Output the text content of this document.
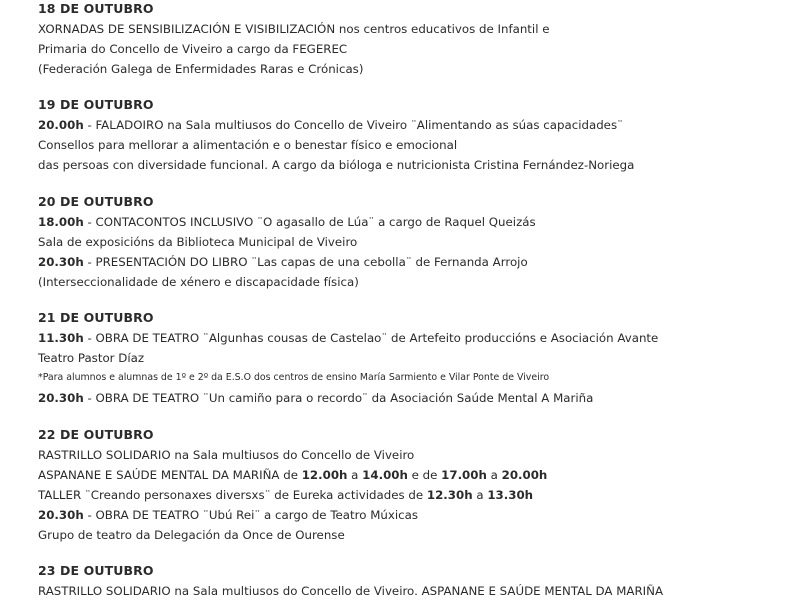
18 DE OUTUBRO
XORNADAS DE SENSIBILIZACIÓN E VISIBILIZACIÓN nos centros educativos de Infantil e
Primaria do Concello de Viveiro a cargo da FEGEREC
(Federación Galega de Enfermidades Raras e Crónicas)
19 DE OUTUBRO
20.00h - FALADOIRO na Sala multiusos do Concello de Viveiro ¨Alimentando as súas capacidades¨
Consellos para mellorar a alimentación e o benestar físico e emocional
das persoas con diversidade funcional. A cargo da bióloga e nutricionista Cristina Fernández-Noriega
20 DE OUTUBRO
18.00h - CONTACONTOS INCLUSIVO ¨O agasallo de Lúa¨ a cargo de Raquel Queizás
Sala de exposicións da Biblioteca Municipal de Viveiro
20.30h - PRESENTACIÓN DO LIBRO ¨Las capas de una cebolla¨ de Fernanda Arrojo
(Interseccionalidade de xénero e discapacidade física)
21 DE OUTUBRO
11.30h - OBRA DE TEATRO ¨Algunhas cousas de Castelao¨ de Artefeito produccións e Asociación Avante
Teatro Pastor Díaz
*Para alumnos e alumnas de 1º e 2º da E.S.O dos centros de ensino María Sarmiento e Vilar Ponte de Viveiro
20.30h - OBRA DE TEATRO ¨Un camiño para o recordo¨ da Asociación Saúde Mental A Mariña
22 DE OUTUBRO
RASTRILLO SOLIDARIO na Sala multiusos do Concello de Viveiro
ASPANANE E SAÚDE MENTAL DA MARIÑA de 12.00h a 14.00h e de 17.00h a 20.00h
TALLER ¨Creando personaxes diversxs¨ de Eureka actividades de 12.30h a 13.30h
20.30h - OBRA DE TEATRO ¨Ubú Rei¨ a cargo de Teatro Múxicas
Grupo de teatro da Delegación da Once de Ourense
23 DE OUTUBRO
RASTRILLO SOLIDARIO na Sala multiusos do Concello de Viveiro. ASPANANE E SAÚDE MENTAL DA MARIÑA
